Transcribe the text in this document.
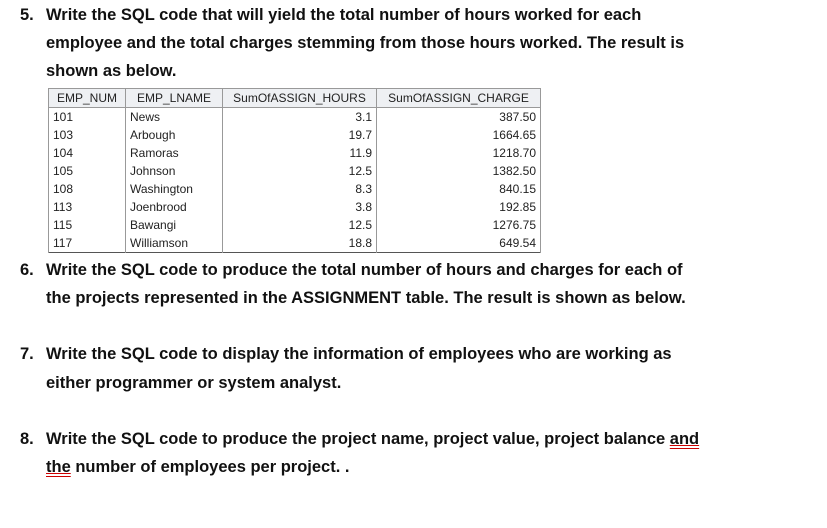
5. Write the SQL code that will yield the total number of hours worked for each
employee and the total charges stemming from those hours worked. The result is
shown as below.
EMP_NUM	EMP_LNAME	SumOfASSIGN_HOURS	SumOfASSIGN_CHARGE
101	News	3.1	387.50
103	Arbough	19.7	1664.65
104	Ramoras	11.9	1218.70
105	Johnson	12.5	1382.50
108	Washington	8.3	840.15
113	Joenbrood	3.8	192.85
115	Bawangi	12.5	1276.75
117	Williamson	18.8	649.54
6. Write the SQL code to produce the total number of hours and charges for each of
the projects represented in the ASSIGNMENT table. The result is shown as below.
7. Write the SQL code to display the information of employees who are working as
either programmer or system analyst.
8. Write the SQL code to produce the project name, project value, project balance and
the number of employees per project. .
